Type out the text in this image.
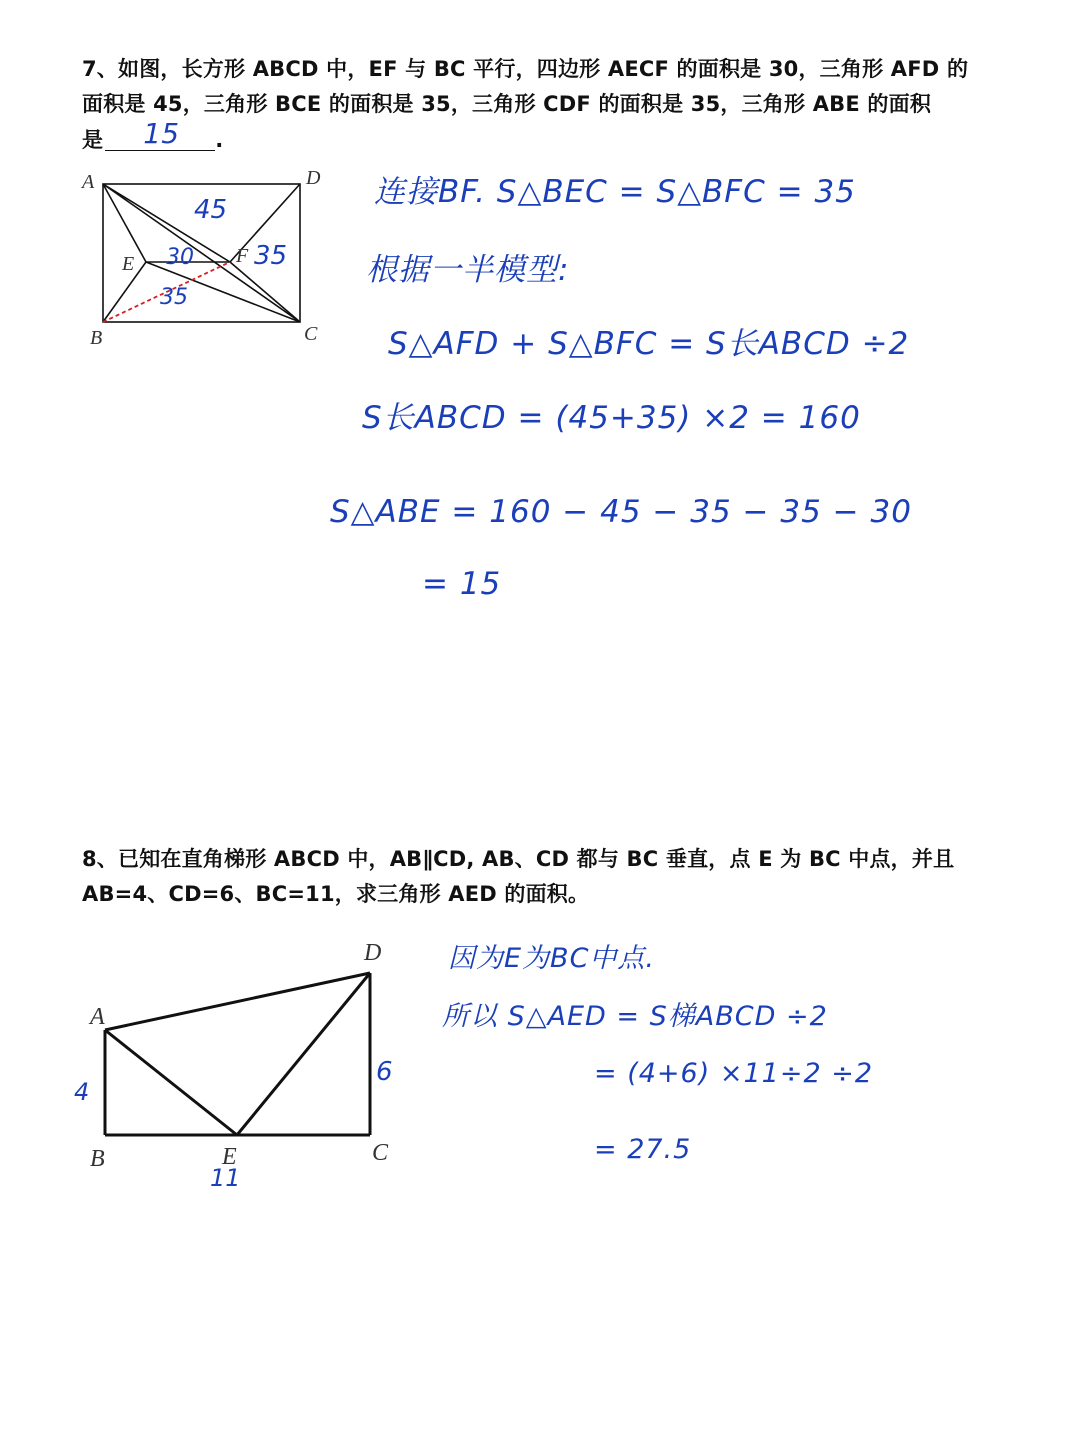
7、如图，长方形 ABCD 中，EF 与 BC 平行，四边形 AECF 的面积是 30，三角形 AFD 的
面积是 45，三角形 BCE 的面积是 35，三角形 CDF 的面积是 35，三角形 ABE 的面积
是 15 .
A	D
B	C
E	F
45
30 35
35
连接BF. S△BEC = S△BFC = 35
根据一半模型:
S△AFD + S△BFC = S长ABCD ÷2
S长ABCD = (45+35) ×2 = 160
S△ABE = 160 − 45 − 35 − 35 − 30
= 15
8、已知在直角梯形 ABCD 中，AB∥CD, AB、CD 都与 BC 垂直，点 E 为 BC 中点，并且
AB=4、CD=6、BC=11，求三角形 AED 的面积。
A
B	C
D
E
4
6
11
因为E为BC中点.
所以 S△AED = S梯ABCD ÷2
= (4+6) ×11÷2 ÷2
= 27.5
